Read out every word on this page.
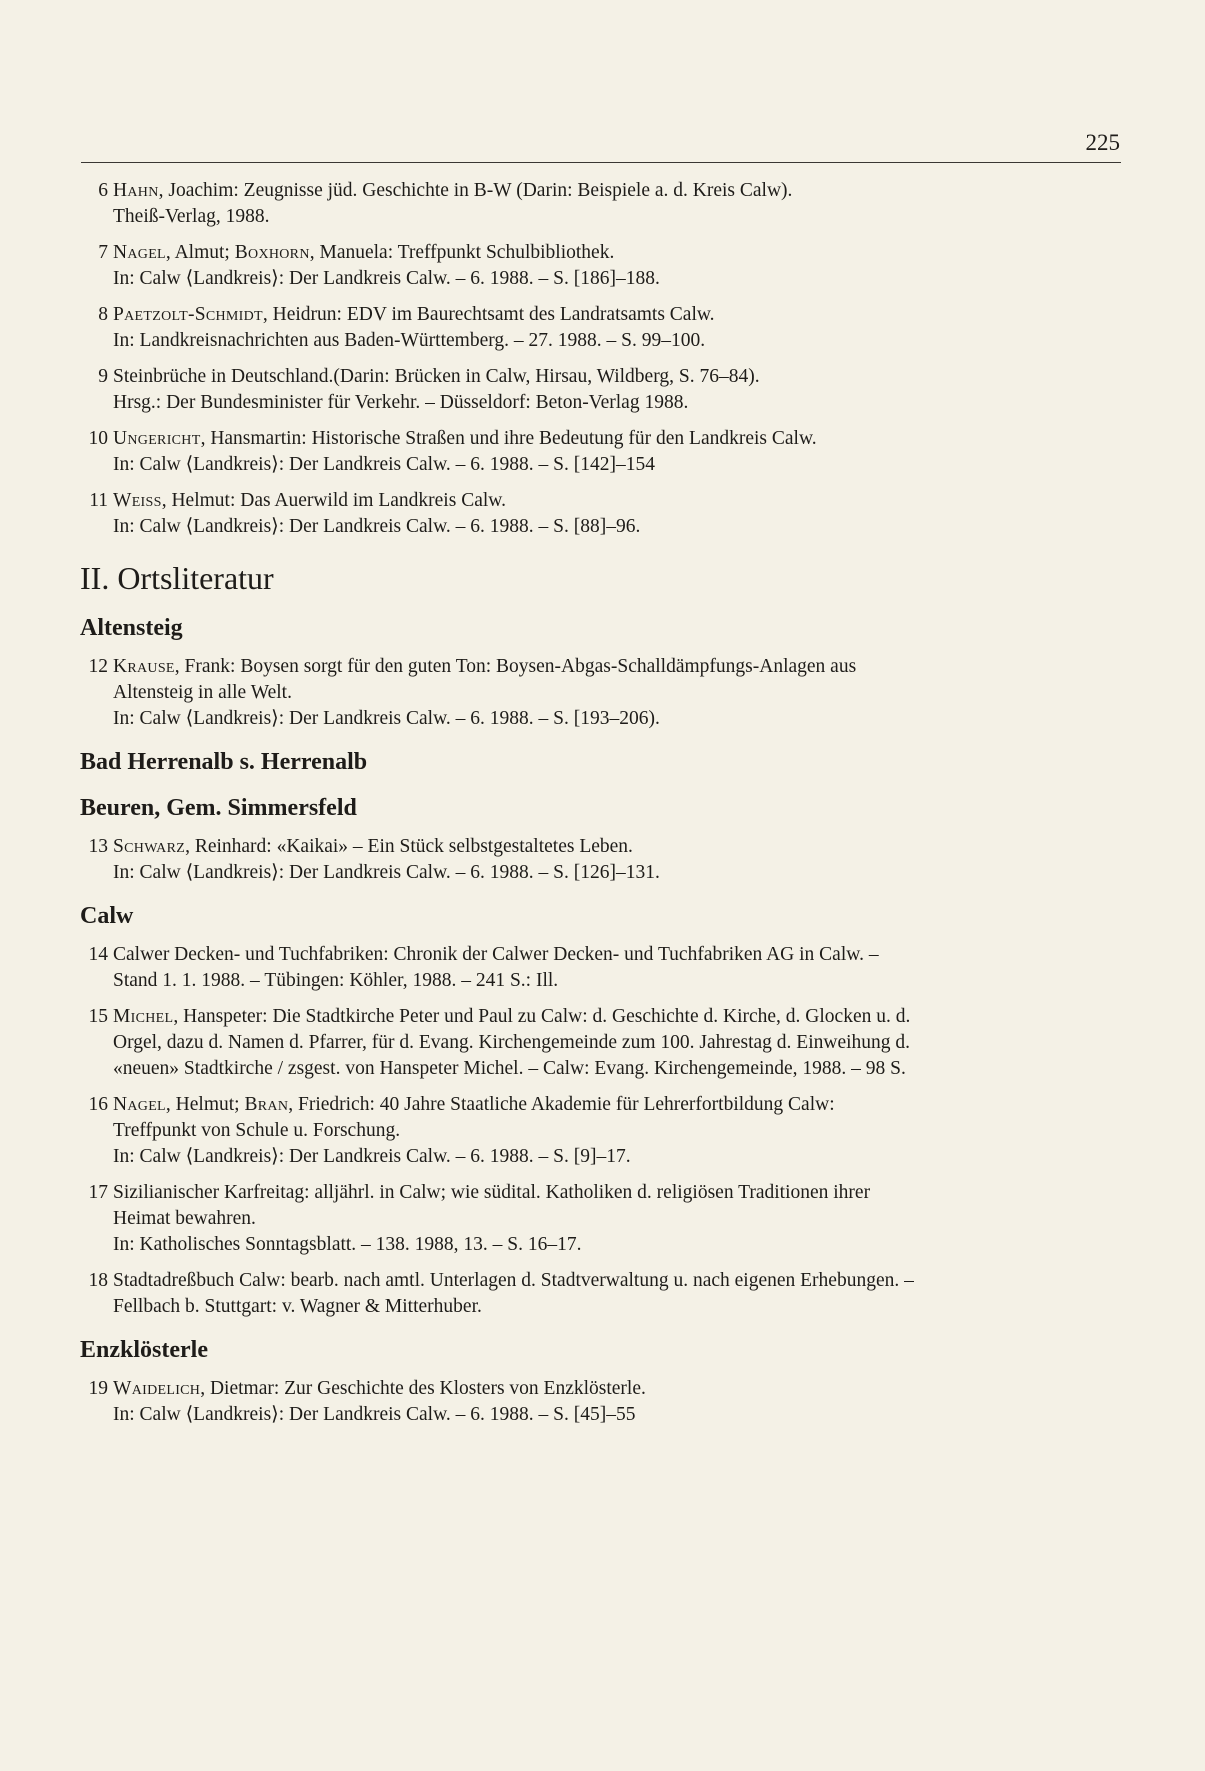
225
6 Hahn, Joachim: Zeugnisse jüd. Geschichte in B-W (Darin: Beispiele a. d. Kreis Calw).
Theiß-Verlag, 1988.
7 Nagel, Almut; Boxhorn, Manuela: Treffpunkt Schulbibliothek.
In: Calw ⟨Landkreis⟩: Der Landkreis Calw. – 6. 1988. – S. [186]–188.
8 Paetzolt-Schmidt, Heidrun: EDV im Baurechtsamt des Landratsamts Calw.
In: Landkreisnachrichten aus Baden-Württemberg. – 27. 1988. – S. 99–100.
9 Steinbrüche in Deutschland.(Darin: Brücken in Calw, Hirsau, Wildberg, S. 76–84).
Hrsg.: Der Bundesminister für Verkehr. – Düsseldorf: Beton-Verlag 1988.
10 Ungericht, Hansmartin: Historische Straßen und ihre Bedeutung für den Landkreis Calw.
In: Calw ⟨Landkreis⟩: Der Landkreis Calw. – 6. 1988. – S. [142]–154
11 Weiss, Helmut: Das Auerwild im Landkreis Calw.
In: Calw ⟨Landkreis⟩: Der Landkreis Calw. – 6. 1988. – S. [88]–96.
II. Ortsliteratur
Altensteig
12 Krause, Frank: Boysen sorgt für den guten Ton: Boysen-Abgas-Schalldämpfungs-Anlagen aus
Altensteig in alle Welt.
In: Calw ⟨Landkreis⟩: Der Landkreis Calw. – 6. 1988. – S. [193–206).
Bad Herrenalb s. Herrenalb
Beuren, Gem. Simmersfeld
13 Schwarz, Reinhard: «Kaikai» – Ein Stück selbstgestaltetes Leben.
In: Calw ⟨Landkreis⟩: Der Landkreis Calw. – 6. 1988. – S. [126]–131.
Calw
14 Calwer Decken- und Tuchfabriken: Chronik der Calwer Decken- und Tuchfabriken AG in Calw. –
Stand 1. 1. 1988. – Tübingen: Köhler, 1988. – 241 S.: Ill.
15 Michel, Hanspeter: Die Stadtkirche Peter und Paul zu Calw: d. Geschichte d. Kirche, d. Glocken u. d.
Orgel, dazu d. Namen d. Pfarrer, für d. Evang. Kirchengemeinde zum 100. Jahrestag d. Einweihung d.
«neuen» Stadtkirche / zsgest. von Hanspeter Michel. – Calw: Evang. Kirchengemeinde, 1988. – 98 S.
16 Nagel, Helmut; Bran, Friedrich: 40 Jahre Staatliche Akademie für Lehrerfortbildung Calw:
Treffpunkt von Schule u. Forschung.
In: Calw ⟨Landkreis⟩: Der Landkreis Calw. – 6. 1988. – S. [9]–17.
17 Sizilianischer Karfreitag: alljährl. in Calw; wie südital. Katholiken d. religiösen Traditionen ihrer
Heimat bewahren.
In: Katholisches Sonntagsblatt. – 138. 1988, 13. – S. 16–17.
18 Stadtadreßbuch Calw: bearb. nach amtl. Unterlagen d. Stadtverwaltung u. nach eigenen Erhebungen. –
Fellbach b. Stuttgart: v. Wagner & Mitterhuber.
Enzklösterle
19 Waidelich, Dietmar: Zur Geschichte des Klosters von Enzklösterle.
In: Calw ⟨Landkreis⟩: Der Landkreis Calw. – 6. 1988. – S. [45]–55
